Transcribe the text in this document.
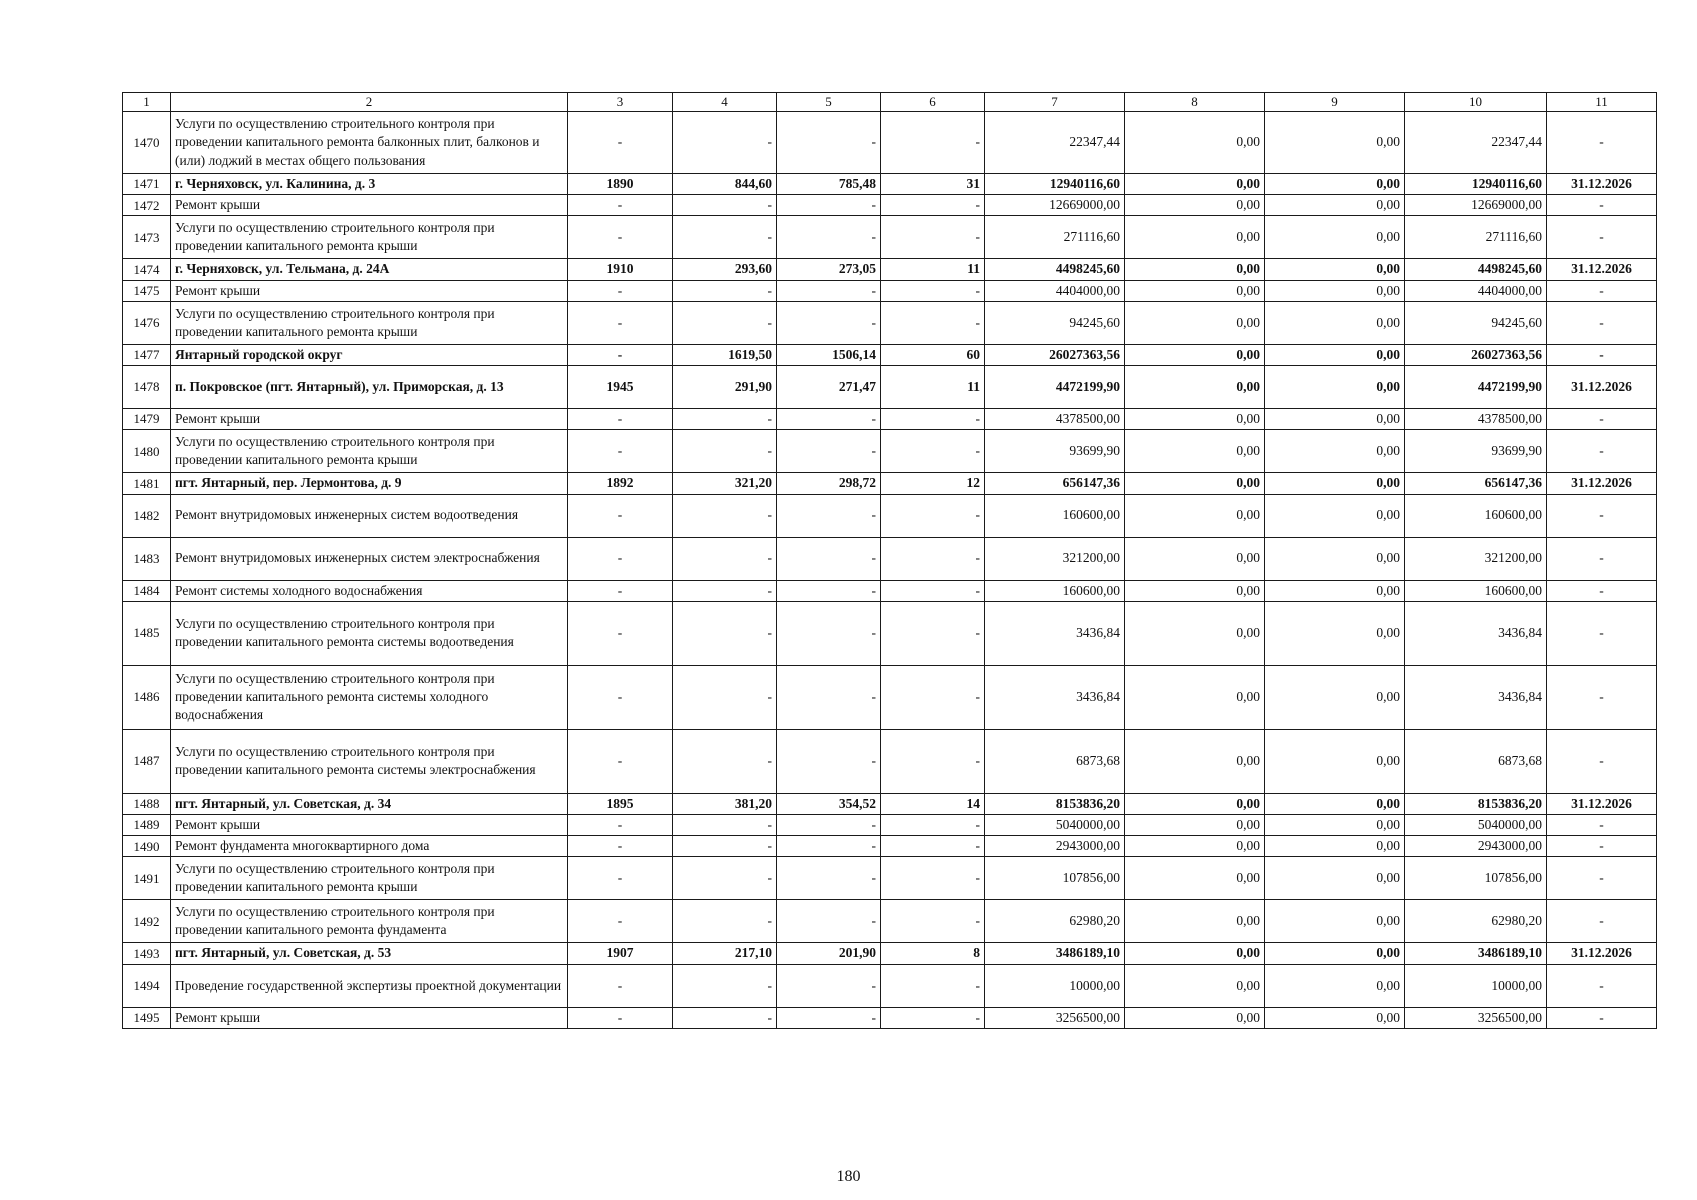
1	2	3	4	5	6	7	8	9	10	11
1470	Услуги по осуществлению строительного контроля при проведении капитального ремонта балконных плит, балконов и (или) лоджий в местах общего пользования	-	-	-	-	22347,44	0,00	0,00	22347,44	-
1471	г. Черняховск, ул. Калинина, д. 3	1890	844,60	785,48	31	12940116,60	0,00	0,00	12940116,60	31.12.2026
1472	Ремонт крыши	-	-	-	-	12669000,00	0,00	0,00	12669000,00	-
1473	Услуги по осуществлению строительного контроля при проведении капитального ремонта крыши	-	-	-	-	271116,60	0,00	0,00	271116,60	-
1474	г. Черняховск, ул. Тельмана, д. 24А	1910	293,60	273,05	11	4498245,60	0,00	0,00	4498245,60	31.12.2026
1475	Ремонт крыши	-	-	-	-	4404000,00	0,00	0,00	4404000,00	-
1476	Услуги по осуществлению строительного контроля при проведении капитального ремонта крыши	-	-	-	-	94245,60	0,00	0,00	94245,60	-
1477	Янтарный городской округ	-	1619,50	1506,14	60	26027363,56	0,00	0,00	26027363,56	-
1478	п. Покровское (пгт. Янтарный), ул. Приморская, д. 13	1945	291,90	271,47	11	4472199,90	0,00	0,00	4472199,90	31.12.2026
1479	Ремонт крыши	-	-	-	-	4378500,00	0,00	0,00	4378500,00	-
1480	Услуги по осуществлению строительного контроля при проведении капитального ремонта крыши	-	-	-	-	93699,90	0,00	0,00	93699,90	-
1481	пгт. Янтарный, пер. Лермонтова, д. 9	1892	321,20	298,72	12	656147,36	0,00	0,00	656147,36	31.12.2026
1482	Ремонт внутридомовых инженерных систем водоотведения	-	-	-	-	160600,00	0,00	0,00	160600,00	-
1483	Ремонт внутридомовых инженерных систем электроснабжения	-	-	-	-	321200,00	0,00	0,00	321200,00	-
1484	Ремонт системы холодного водоснабжения	-	-	-	-	160600,00	0,00	0,00	160600,00	-
1485	Услуги по осуществлению строительного контроля при проведении капитального ремонта системы водоотведения	-	-	-	-	3436,84	0,00	0,00	3436,84	-
1486	Услуги по осуществлению строительного контроля при проведении капитального ремонта системы холодного водоснабжения	-	-	-	-	3436,84	0,00	0,00	3436,84	-
1487	Услуги по осуществлению строительного контроля при проведении капитального ремонта системы электроснабжения	-	-	-	-	6873,68	0,00	0,00	6873,68	-
1488	пгт. Янтарный, ул. Советская, д. 34	1895	381,20	354,52	14	8153836,20	0,00	0,00	8153836,20	31.12.2026
1489	Ремонт крыши	-	-	-	-	5040000,00	0,00	0,00	5040000,00	-
1490	Ремонт фундамента многоквартирного дома	-	-	-	-	2943000,00	0,00	0,00	2943000,00	-
1491	Услуги по осуществлению строительного контроля при проведении капитального ремонта крыши	-	-	-	-	107856,00	0,00	0,00	107856,00	-
1492	Услуги по осуществлению строительного контроля при проведении капитального ремонта фундамента	-	-	-	-	62980,20	0,00	0,00	62980,20	-
1493	пгт. Янтарный, ул. Советская, д. 53	1907	217,10	201,90	8	3486189,10	0,00	0,00	3486189,10	31.12.2026
1494	Проведение государственной экспертизы проектной документации	-	-	-	-	10000,00	0,00	0,00	10000,00	-
1495	Ремонт крыши	-	-	-	-	3256500,00	0,00	0,00	3256500,00	-
180
